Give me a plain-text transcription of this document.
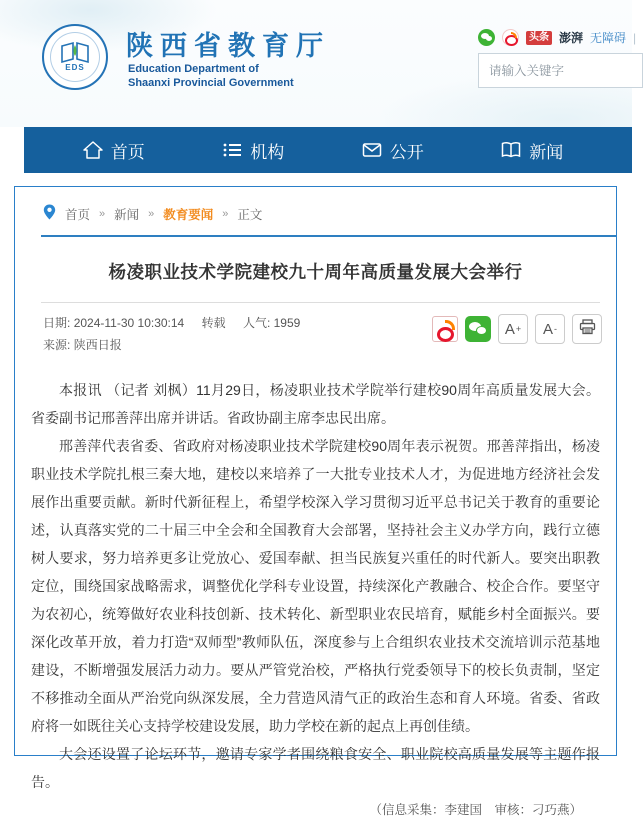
EDS
陕西省教育厅
Education Department of
Shaanxi Provincial Government
头条 澎湃 无障碍 |
请输入关键字
首页	机构	公开	新闻
首页 » 新闻 » 教育要闻 » 正文
杨凌职业技术学院建校九十周年高质量发展大会举行
日期: 2024-11-30 10:30:14 转载 人气: 1959
来源: 陕西日报
A + A -

本报讯 （记者 刘枫）11月29日，杨凌职业技术学院举行建校90周年高质量发展大会。省委副书记邢善萍出席并讲话。省政协副主席李忠民出席。

邢善萍代表省委、省政府对杨凌职业技术学院建校90周年表示祝贺。邢善萍指出，杨凌职业技术学院扎根三秦大地，建校以来培养了一大批专业技术人才，为促进地方经济社会发展作出重要贡献。新时代新征程上，希望学校深入学习贯彻习近平总书记关于教育的重要论述，认真落实党的二十届三中全会和全国教育大会部署，坚持社会主义办学方向，践行立德树人要求，努力培养更多让党放心、爱国奉献、担当民族复兴重任的时代新人。要突出职教定位，围绕国家战略需求，调整优化学科专业设置，持续深化产教融合、校企合作。要坚守为农初心，统筹做好农业科技创新、技术转化、新型职业农民培育，赋能乡村全面振兴。要深化改革开放，着力打造“双师型”教师队伍，深度参与上合组织农业技术交流培训示范基地建设，不断增强发展活力动力。要从严管党治校，严格执行党委领导下的校长负责制，坚定不移推动全面从严治党向纵深发展，全力营造风清气正的政治生态和育人环境。省委、省政府将一如既往关心支持学校建设发展，助力学校在新的起点上再创佳绩。

大会还设置了论坛环节，邀请专家学者围绕粮食安全、职业院校高质量发展等主题作报告。

（信息采集：李建国　审核：刁巧燕）
